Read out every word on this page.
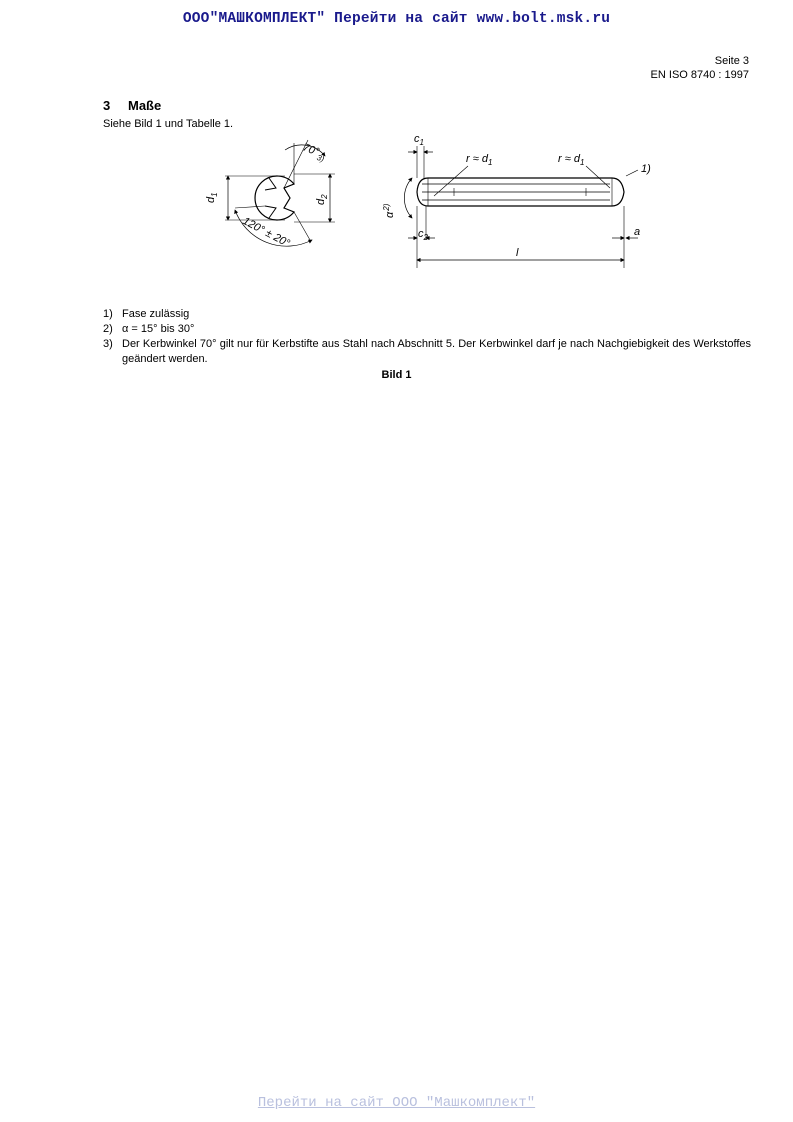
ООО"МАШКОМПЛЕКТ" Перейти на сайт www.bolt.msk.ru
Seite 3
EN ISO 8740 : 1997
3 Maße
Siehe Bild 1 und Tabelle 1.
$70^\circ_{3)}$
$d_1$
$d_2$
120° ± 20°
$c_1$
$r \approx d_1$	$r \approx d_1$
1)
$\alpha^{2)}$
$c_2$	a
l
1) Fase zulässig
2) α = 15° bis 30°
3) Der Kerbwinkel 70° gilt nur für Kerbstifte aus Stahl nach Abschnitt 5. Der Kerbwinkel darf je nach Nachgiebigkeit des Werkstoffes geändert werden.
Bild 1
Перейти на сайт ООО "Машкомплект"
